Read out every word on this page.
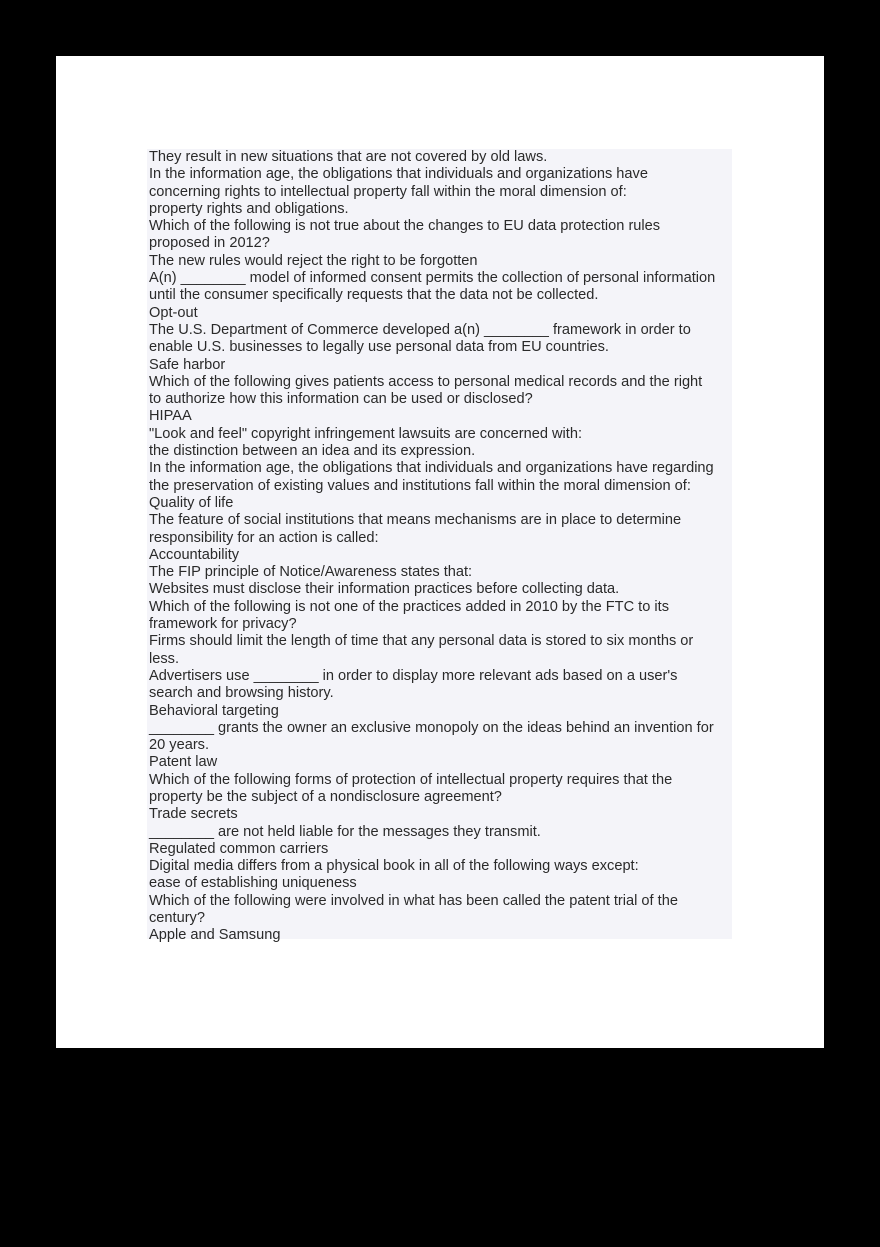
They result in new situations that are not covered by old laws.
In the information age, the obligations that individuals and organizations have
concerning rights to intellectual property fall within the moral dimension of:
property rights and obligations.
Which of the following is not true about the changes to EU data protection rules
proposed in 2012?
The new rules would reject the right to be forgotten
A(n) ________ model of informed consent permits the collection of personal information
until the consumer specifically requests that the data not be collected.
Opt-out
The U.S. Department of Commerce developed a(n) ________ framework in order to
enable U.S. businesses to legally use personal data from EU countries.
Safe harbor
Which of the following gives patients access to personal medical records and the right
to authorize how this information can be used or disclosed?
HIPAA
"Look and feel" copyright infringement lawsuits are concerned with:
the distinction between an idea and its expression.
In the information age, the obligations that individuals and organizations have regarding
the preservation of existing values and institutions fall within the moral dimension of:
Quality of life
The feature of social institutions that means mechanisms are in place to determine
responsibility for an action is called:
Accountability
The FIP principle of Notice/Awareness states that:
Websites must disclose their information practices before collecting data.
Which of the following is not one of the practices added in 2010 by the FTC to its
framework for privacy?
Firms should limit the length of time that any personal data is stored to six months or
less.
Advertisers use ________ in order to display more relevant ads based on a user's
search and browsing history.
Behavioral targeting
________ grants the owner an exclusive monopoly on the ideas behind an invention for
20 years.
Patent law
Which of the following forms of protection of intellectual property requires that the
property be the subject of a nondisclosure agreement?
Trade secrets
________ are not held liable for the messages they transmit.
Regulated common carriers
Digital media differs from a physical book in all of the following ways except:
ease of establishing uniqueness
Which of the following were involved in what has been called the patent trial of the
century?
Apple and Samsung
